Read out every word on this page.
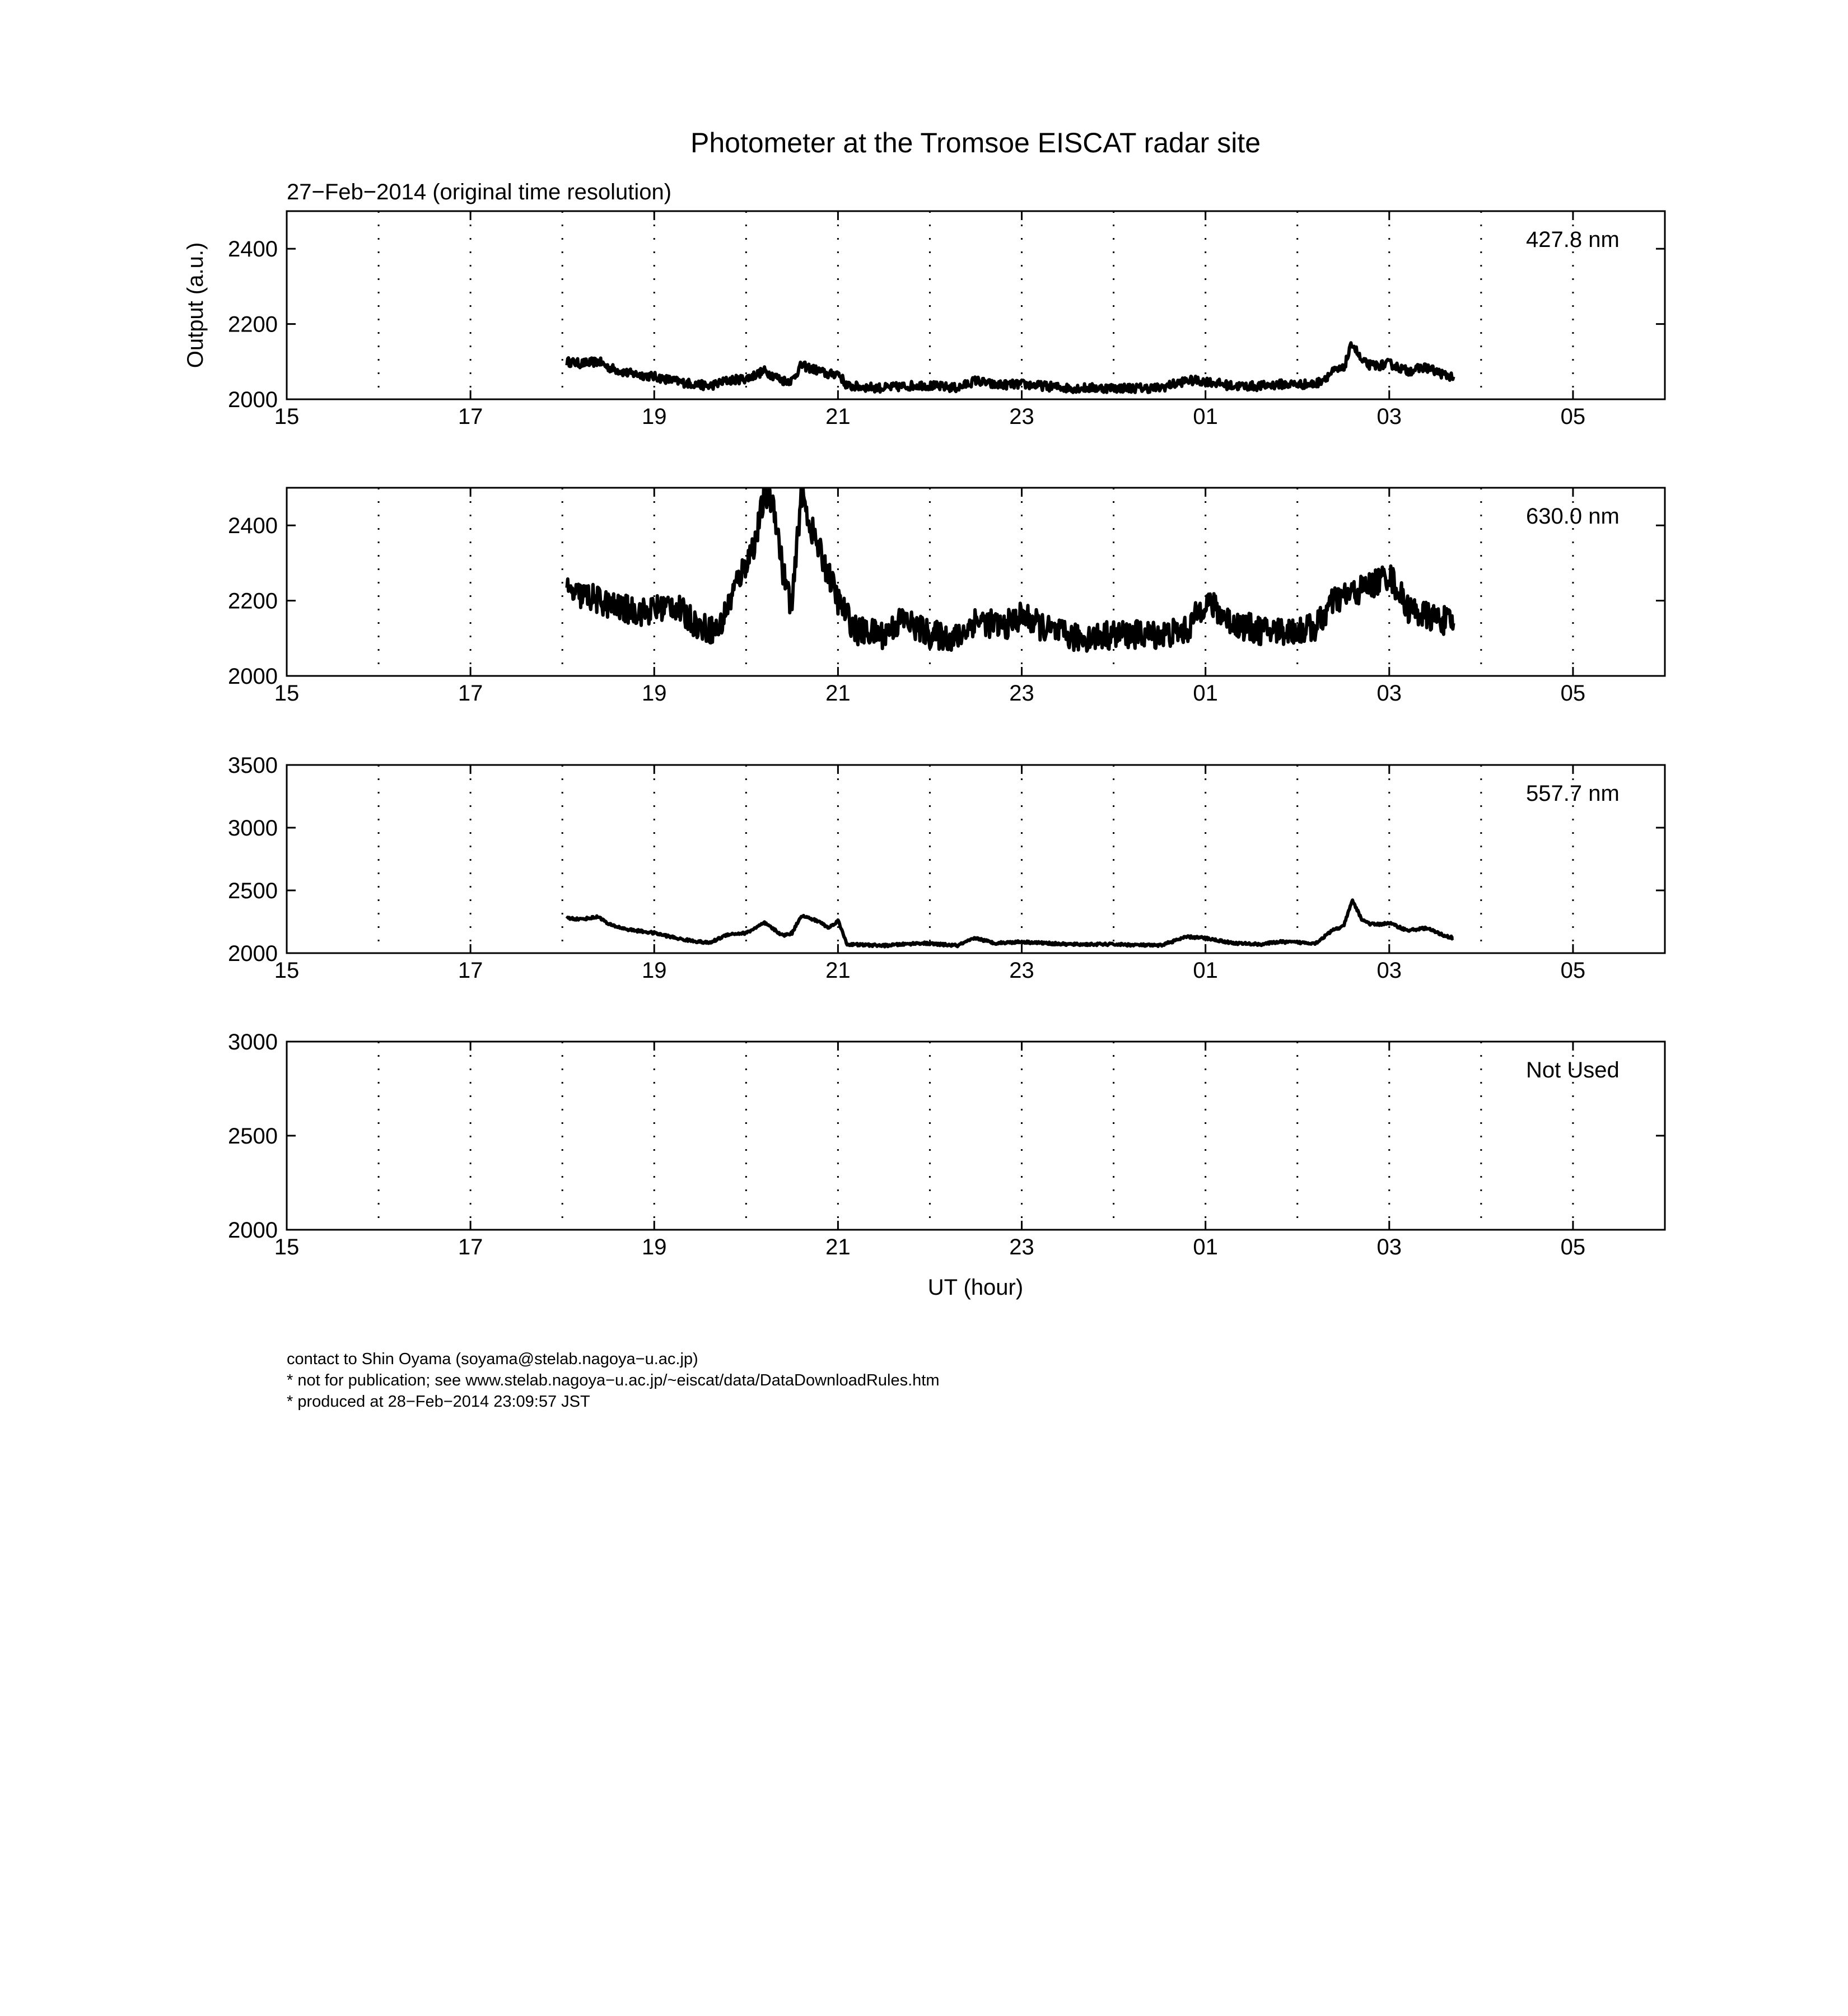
Photometer at the Tromsoe EISCAT radar site
27−Feb−2014 (original time resolution)
Output (a.u.)
UT (hour)
15	17	19	21	23	01	03	05
2000
2200
2400	427.8 nm
15	17	19	21	23	01	03	05
2000
2200
2400	630.0 nm
15	17	19	21	23	01	03	05
2000
2500
3000
3500
557.7 nm
15	17	19	21	23	01	03	05
2000
2500
3000
Not Used
contact to Shin Oyama (soyama@stelab.nagoya−u.ac.jp)
* not for publication; see www.stelab.nagoya−u.ac.jp/~eiscat/data/DataDownloadRules.htm
* produced at 28−Feb−2014 23:09:57 JST
